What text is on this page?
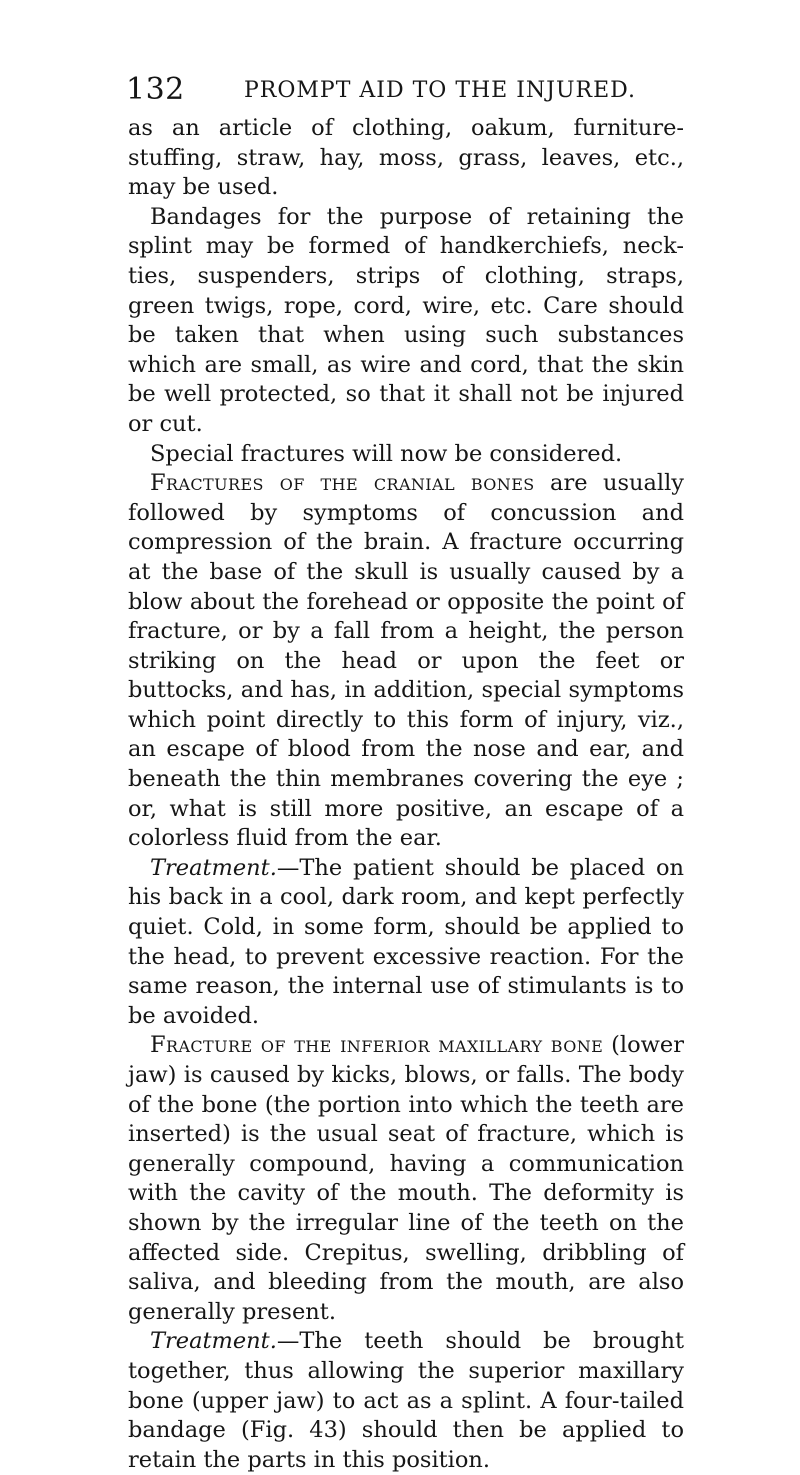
132	PROMPT AID TO THE INJURED.

as an article of clothing, oakum, furniture-stuffing, straw, hay, moss, grass, leaves, etc., may be used.

Bandages for the purpose of retaining the splint may be formed of handkerchiefs, neck-ties, suspenders, strips of clothing, straps, green twigs, rope, cord, wire, etc. Care should be taken that when using such substances which are small, as wire and cord, that the skin be well protected, so that it shall not be injured or cut.

Special fractures will now be considered.

Fractures of the cranial bones are usually followed by symptoms of concussion and compression of the brain. A fracture occurring at the base of the skull is usually caused by a blow about the forehead or opposite the point of fracture, or by a fall from a height, the person striking on the head or upon the feet or buttocks, and has, in addition, special symptoms which point directly to this form of injury, viz., an escape of blood from the nose and ear, and beneath the thin membranes covering the eye ; or, what is still more positive, an escape of a colorless fluid from the ear.

Treatment.—The patient should be placed on his back in a cool, dark room, and kept perfectly quiet. Cold, in some form, should be applied to the head, to prevent excessive reaction. For the same reason, the internal use of stimulants is to be avoided.

Fracture of the inferior maxillary bone (lower jaw) is caused by kicks, blows, or falls. The body of the bone (the portion into which the teeth are inserted) is the usual seat of fracture, which is generally compound, having a communication with the cavity of the mouth. The deformity is shown by the irregular line of the teeth on the affected side. Crepitus, swelling, dribbling of saliva, and bleeding from the mouth, are also generally present.

Treatment.—The teeth should be brought together, thus allowing the superior maxillary bone (upper jaw) to act as a splint. A four-tailed bandage (Fig. 43) should then be applied to retain the parts in this position.
